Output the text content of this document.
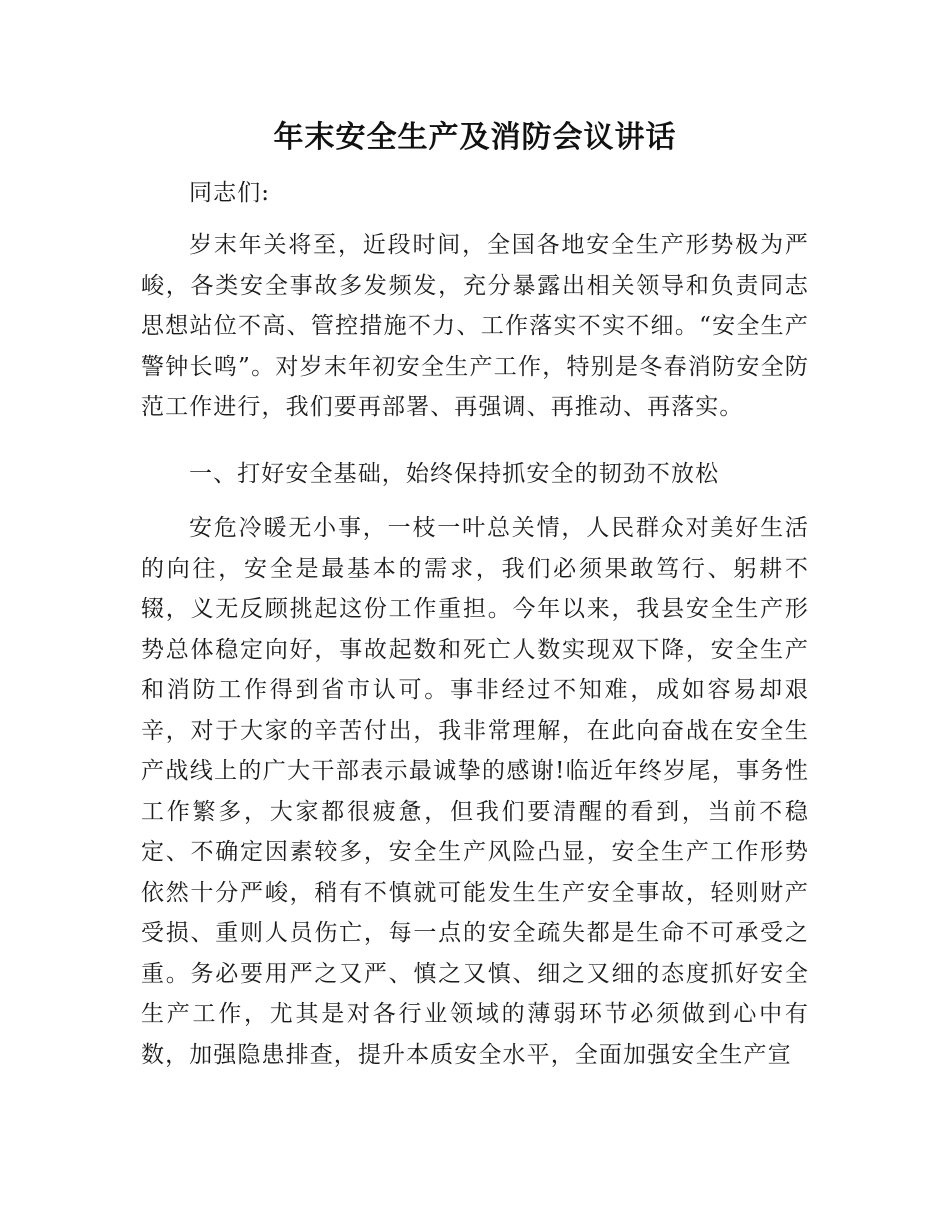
年末安全生产及消防会议讲话
同志们:
岁末年关将至，近段时间，全国各地安全生产形势极为严峻，各类安全事故多发频发，充分暴露出相关领导和负责同志思想站位不高、管控措施不力、工作落实不实不细。“安全生产警钟长鸣”。对岁末年初安全生产工作，特别是冬春消防安全防范工作进行，我们要再部署、再强调、再推动、再落实。
一、打好安全基础，始终保持抓安全的韧劲不放松
安危冷暖无小事，一枝一叶总关情，人民群众对美好生活的向往，安全是最基本的需求，我们必须果敢笃行、躬耕不辍，义无反顾挑起这份工作重担。今年以来，我县安全生产形势总体稳定向好，事故起数和死亡人数实现双下降，安全生产和消防工作得到省市认可。事非经过不知难，成如容易却艰辛，对于大家的辛苦付出，我非常理解，在此向奋战在安全生产战线上的广大干部表示最诚挚的感谢!临近年终岁尾，事务性工作繁多，大家都很疲惫，但我们要清醒的看到，当前不稳定、不确定因素较多，安全生产风险凸显，安全生产工作形势依然十分严峻，稍有不慎就可能发生生产安全事故，轻则财产受损、重则人员伤亡，每一点的安全疏失都是生命不可承受之重。务必要用严之又严、慎之又慎、细之又细的态度抓好安全生产工作，尤其是对各行业领域的薄弱环节必须做到心中有数，加强隐患排查，提升本质安全水平，全面加强安全生产宣
